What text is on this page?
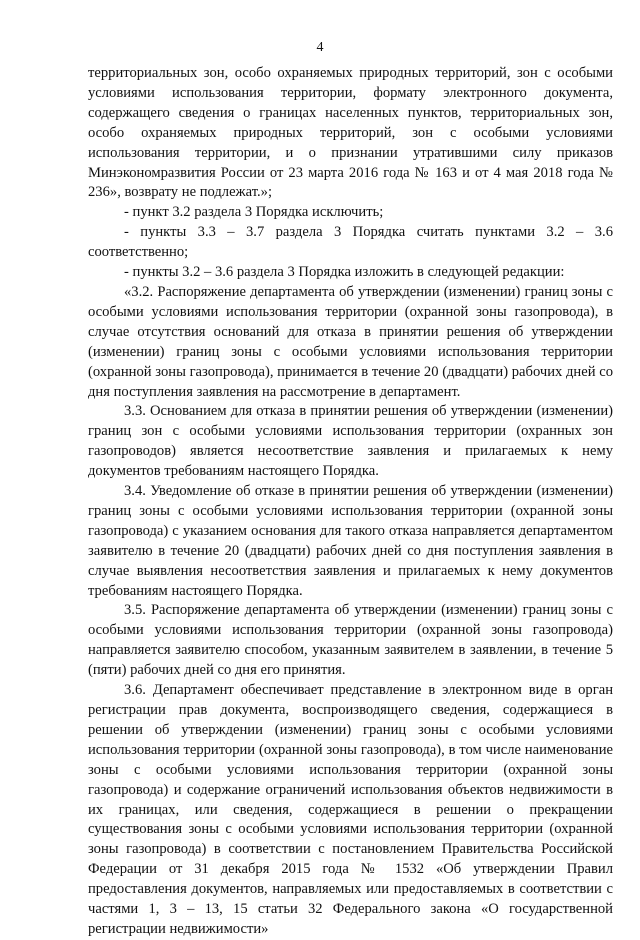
4

территориальных зон, особо охраняемых природных территорий, зон с особыми условиями использования территории, формату электронного документа, содержащего сведения о границах населенных пунктов, территориальных зон, особо охраняемых природных территорий, зон с особыми условиями использования территории, и о признании утратившими силу приказов Минэкономразвития России от 23 марта 2016 года № 163 и от 4 мая 2018 года № 236», возврату не подлежат.»;

- пункт 3.2 раздела 3 Порядка исключить;

- пункты 3.3 – 3.7 раздела 3 Порядка считать пунктами 3.2 – 3.6 соответственно;

- пункты 3.2 – 3.6 раздела 3 Порядка изложить в следующей редакции:

«3.2. Распоряжение департамента об утверждении (изменении) границ зоны с особыми условиями использования территории (охранной зоны газопровода), в случае отсутствия оснований для отказа в принятии решения об утверждении (изменении) границ зоны с особыми условиями использования территории (охранной зоны газопровода), принимается в течение 20 (двадцати) рабочих дней со дня поступления заявления на рассмотрение в департамент.

3.3. Основанием для отказа в принятии решения об утверждении (изменении) границ зон с особыми условиями использования территории (охранных зон газопроводов) является несоответствие заявления и прилагаемых к нему документов требованиям настоящего Порядка.

3.4. Уведомление об отказе в принятии решения об утверждении (изменении) границ зоны с особыми условиями использования территории (охранной зоны газопровода) с указанием основания для такого отказа направляется департаментом заявителю в течение 20 (двадцати) рабочих дней со дня поступления заявления в случае выявления несоответствия заявления и прилагаемых к нему документов требованиям настоящего Порядка.

3.5. Распоряжение департамента об утверждении (изменении) границ зоны с особыми условиями использования территории (охранной зоны газопровода) направляется заявителю способом, указанным заявителем в заявлении, в течение 5 (пяти) рабочих дней со дня его принятия.

3.6. Департамент обеспечивает представление в электронном виде в орган регистрации прав документа, воспроизводящего сведения, содержащиеся в решении об утверждении (изменении) границ зоны с особыми условиями использования территории (охранной зоны газопровода), в том числе наименование зоны с особыми условиями использования территории (охранной зоны газопровода) и содержание ограничений использования объектов недвижимости в их границах, или сведения, содержащиеся в решении о прекращении существования зоны с особыми условиями использования территории (охранной зоны газопровода) в соответствии с постановлением Правительства Российской Федерации от 31 декабря 2015 года № 1532 «Об утверждении Правил предоставления документов, направляемых или предоставляемых в соответствии с частями 1, 3 – 13, 15 статьи 32 Федерального закона «О государственной регистрации недвижимости»
